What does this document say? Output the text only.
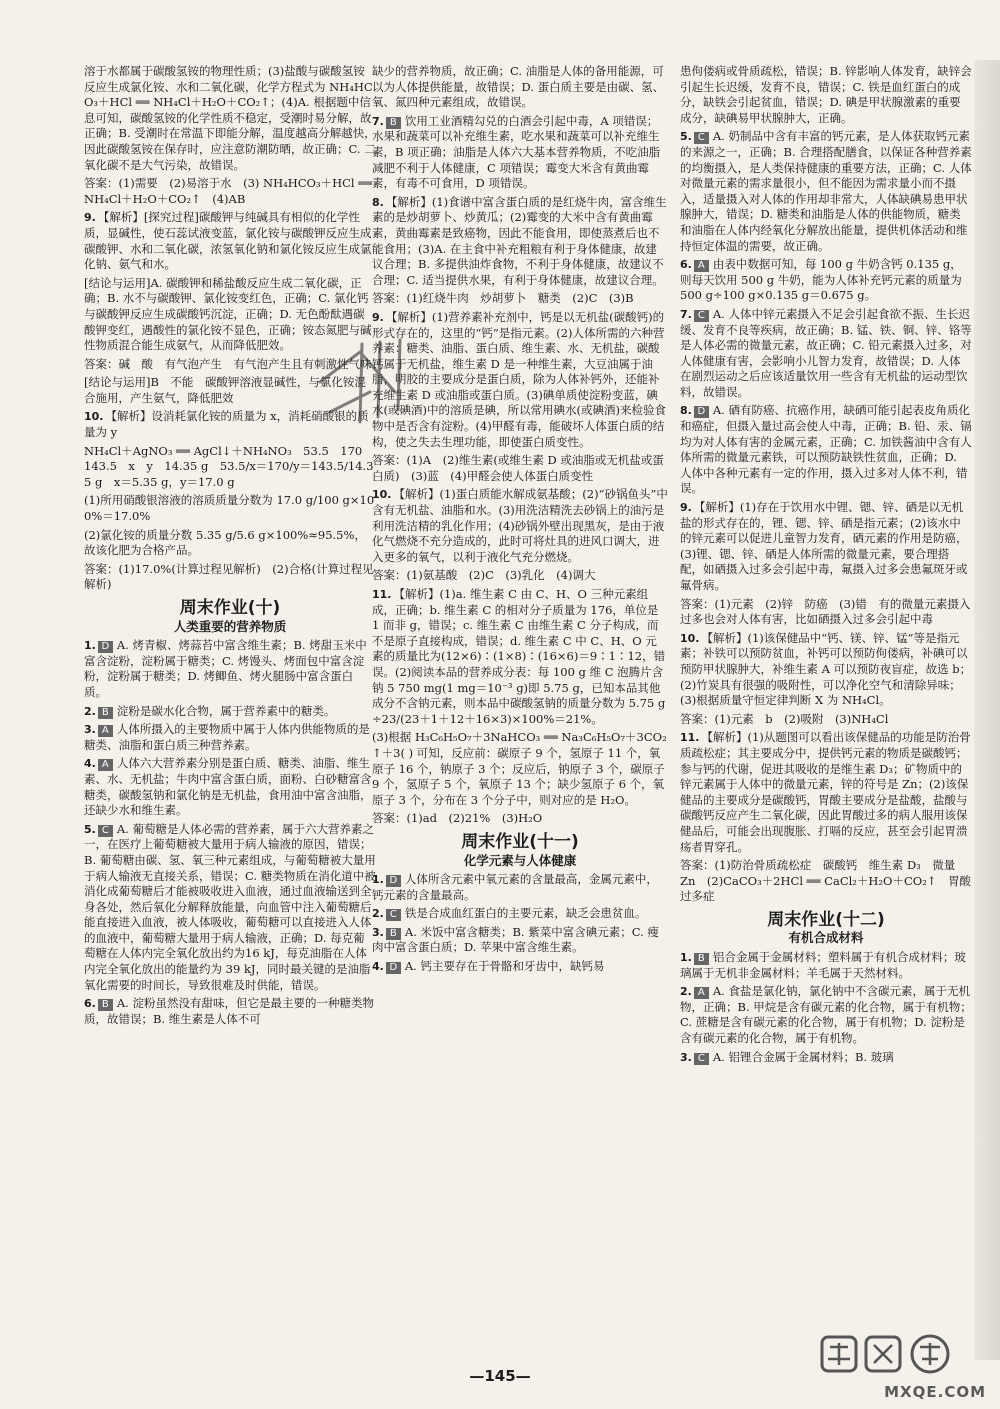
溶于水都属于碳酸氢铵的物理性质；(3)盐酸与碳酸氢铵反应生成氯化铵、水和二氧化碳，化学方程式为 NH₄HCO₃＋HCl ══ NH₄Cl＋H₂O＋CO₂↑；(4)A. 根据题中信息可知，碳酸氢铵的化学性质不稳定，受潮时易分解，故正确；B. 受潮时在常温下即能分解，温度越高分解越快，因此碳酸氢铵在保存时，应注意防潮防晒，故正确；C. 二氧化碳不是大气污染，故错误。
答案：(1)需要　(2)易溶于水　(3) NH₄HCO₃＋HCl ══ NH₄Cl＋H₂O＋CO₂↑　(4)AB
9. 【解析】[探究过程]碳酸钾与纯碱具有相似的化学性质，显碱性，使石蕊试液变蓝，氯化铵与碳酸钾反应生成碳酸钾、水和二氧化碳，浓氢氧化钠和氯化铵反应生成氯化钠、氨气和水。
[结论与运用]A. 碳酸钾和稀盐酸反应生成二氧化碳，正确；B. 水不与碳酸钾、氯化铵变红色，正确；C. 氯化钙与碳酸钾反应生成碳酸钙沉淀，正确；D. 无色酚酞遇碳酸钾变红，遇酸性的氯化铵不显色，正确；铵态氮肥与碱性物质混合能生成氨气，从而降低肥效。
答案：碱　酸　有气泡产生　有气泡产生且有刺激性气味
[结论与运用]B　不能　碳酸钾溶液显碱性，与氯化铵混合施用，产生氨气，降低肥效
10. 【解析】设消耗氯化铵的质量为 x，消耗硝酸银的质量为 y
NH₄Cl＋AgNO₃ ══ AgCl↓＋NH₄NO₃　53.5　170　143.5　x　y　14.35 g　53.5/x＝170/y＝143.5/14.35 g　x＝5.35 g，y＝17.0 g
(1)所用硝酸银溶液的溶质质量分数为 17.0 g/100 g×100%＝17.0%
(2)氯化铵的质量分数 5.35 g/5.6 g×100%≈95.5%，故该化肥为合格产品。
答案：(1)17.0%(计算过程见解析)　(2)合格(计算过程见解析)
周末作业(十)
人类重要的营养物质
1. D A. 烤青椒、烤蒜苔中富含维生素；B. 烤甜玉米中富含淀粉，淀粉属于糖类；C. 烤馒头、烤面包中富含淀粉，淀粉属于糖类；D. 烤鲫鱼、烤火腿肠中富含蛋白质。
2. B 淀粉是碳水化合物，属于营养素中的糖类。
3. A 人体所摄入的主要物质中属于人体内供能物质的是糖类、油脂和蛋白质三种营养素。
4. A 人体六大营养素分别是蛋白质、糖类、油脂、维生素、水、无机盐；牛肉中富含蛋白质，面粉、白砂糖富含糖类，碳酸氢钠和氯化钠是无机盐，食用油中富含油脂，还缺少水和维生素。
5. C A. 葡萄糖是人体必需的营养素，属于六大营养素之一，在医疗上葡萄糖被大量用于病人输液的原因，错误；B. 葡萄糖由碳、氢、氧三种元素组成，与葡萄糖被大量用于病人输液无直接关系，错误；C. 糖类物质在消化道中被消化成葡萄糖后才能被吸收进入血液，通过血液输送到全身各处，然后氧化分解释放能量，向血管中注入葡萄糖后能直接进入血液，被人体吸收，葡萄糖可以直接进入人体的血液中，葡萄糖大量用于病人输液，正确；D. 每克葡萄糖在人体内完全氧化放出约为16 kJ，每克油脂在人体内完全氧化放出的能量约为 39 kJ，同时最关键的是油脂氧化需要的时间长，导致很难及时供能，错误。
6. B A. 淀粉虽然没有甜味，但它是最主要的一种糖类物质，故错误；B. 维生素是人体不可
缺少的营养物质，故正确；C. 油脂是人体的备用能源，可以为人体提供能量，故错误；D. 蛋白质主要是由碳、氢、氧、氮四种元素组成，故错误。
7. B 饮用工业酒精勾兑的白酒会引起中毒，A 项错误；水果和蔬菜可以补充维生素，吃水果和蔬菜可以补充维生素，B 项正确；油脂是人体六大基本营养物质，不吃油脂减肥不利于人体健康，C 项错误；霉变大米含有黄曲霉素，有毒不可食用，D 项错误。
8. 【解析】(1)食谱中富含蛋白质的是红烧牛肉，富含维生素的是炒胡萝卜、炒黄瓜；(2)霉变的大米中含有黄曲霉素，黄曲霉素是致癌物，因此不能食用，即使蒸煮后也不能食用；(3)A. 在主食中补充粗粮有利于身体健康，故建议合理；B. 多提供油炸食物，不利于身体健康，故建议不合理；C. 适当提供水果，有利于身体健康，故建议合理。
答案：(1)红烧牛肉　炒胡萝卜　糖类　(2)C　(3)B
9. 【解析】(1)营养素补充剂中，钙是以无机盐(碳酸钙)的形式存在的，这里的“钙”是指元素。(2)人体所需的六种营养素：糖类、油脂、蛋白质、维生素、水、无机盐，碳酸钙属于无机盐，维生素 D 是一种维生素，大豆油属于油脂，明胶的主要成分是蛋白质，除为人体补钙外，还能补充维生素 D 或油脂或蛋白质。(3)碘单质使淀粉变蓝，碘水(或碘酒)中的溶质是碘，所以常用碘水(或碘酒)来检验食物中是否含有淀粉。(4)甲醛有毒，能破坏人体蛋白质的结构，使之失去生理功能，即使蛋白质变性。
答案：(1)A　(2)维生素(或维生素 D 或油脂或无机盐或蛋白质)　(3)蓝　(4)甲醛会使人体蛋白质变性
10. 【解析】(1)蛋白质能水解成氨基酸；(2)“砂锅鱼头”中含有无机盐、油脂和水。(3)用洗洁精洗去砂锅上的油污是利用洗洁精的乳化作用；(4)砂锅外壁出现黑灰，是由于液化气燃烧不充分造成的，此时可将灶具的进风口调大，进入更多的氧气，以利于液化气充分燃烧。
答案：(1)氨基酸　(2)C　(3)乳化　(4)调大
11. 【解析】(1)a. 维生素 C 由 C、H、O 三种元素组成，正确；b. 维生素 C 的相对分子质量为 176，单位是 1 而非 g，错误；c. 维生素 C 由维生素 C 分子构成，而不是原子直接构成，错误；d. 维生素 C 中 C、H、O 元素的质量比为(12×6)∶(1×8)∶(16×6)＝9∶1∶12，错误。(2)阅读本品的营养成分表：每 100 g 维 C 泡腾片含钠 5 750 mg(1 mg＝10⁻³ g)即 5.75 g，已知本品其他成分不含钠元素，则本品中碳酸氢钠的质量分数为 5.75 g÷23/(23＋1＋12＋16×3)×100%＝21%。
(3)根据 H₃C₆H₅O₇＋3NaHCO₃ ══ Na₃C₆H₅O₇＋3CO₂↑＋3( ) 可知，反应前：碳原子 9 个，氢原子 11 个，氧原子 16 个，钠原子 3 个；反应后，钠原子 3 个，碳原子 9 个，氢原子 5 个，氧原子 13 个；缺少氢原子 6 个，氧原子 3 个，分布在 3 个分子中，则对应的是 H₂O。
答案：(1)ad　(2)21%　(3)H₂O
周末作业(十一)
化学元素与人体健康
1. D 人体所含元素中氧元素的含量最高，金属元素中，钙元素的含量最高。
2. C 铁是合成血红蛋白的主要元素，缺乏会患贫血。
3. B A. 米饭中富含糖类；B. 紫菜中富含碘元素；C. 瘦肉中富含蛋白质；D. 苹果中富含维生素。
4. D A. 钙主要存在于骨骼和牙齿中，缺钙易
患佝偻病或骨质疏松，错误；B. 锌影响人体发育，缺锌会引起生长迟缓，发育不良，错误；C. 铁是血红蛋白的成分，缺铁会引起贫血，错误；D. 碘是甲状腺激素的重要成分，缺碘易甲状腺肿大，正确。
5. C A. 奶制品中含有丰富的钙元素，是人体获取钙元素的来源之一，正确；B. 合理搭配膳食，以保证各种营养素的均衡摄入，是人类保持健康的重要方法，正确；C. 人体对微量元素的需求量很小，但不能因为需求量小而不摄入，适量摄入对人体的作用却非常大，人体缺碘易患甲状腺肿大，错误；D. 糖类和油脂是人体的供能物质，糖类和油脂在人体内经氧化分解放出能量，提供机体活动和维持恒定体温的需要，故正确。
6. A 由表中数据可知，每 100 g 牛奶含钙 0.135 g，则每天饮用 500 g 牛奶，能为人体补充钙元素的质量为 500 g÷100 g×0.135 g＝0.675 g。
7. C A. 人体中锌元素摄入不足会引起食欲不振、生长迟缓、发育不良等疾病，故正确；B. 锰、铁、铜、锌、铬等是人体必需的微量元素，故正确；C. 铅元素摄入过多，对人体健康有害，会影响小儿智力发育，故错误；D. 人体在剧烈运动之后应该适量饮用一些含有无机盐的运动型饮料，故错误。
8. D A. 硒有防癌、抗癌作用，缺硒可能引起表皮角质化和癌症，但摄入量过高会使人中毒，正确；B. 铅、汞、镉均为对人体有害的金属元素，正确；C. 加铁酱油中含有人体所需的微量元素铁，可以预防缺铁性贫血，正确；D. 人体中各种元素有一定的作用，摄入过多对人体不利，错误。
9. 【解析】(1)存在于饮用水中锂、锶、锌、硒是以无机盐的形式存在的，锂、锶、锌、硒是指元素；(2)该水中的锌元素可以促进儿童智力发育，硒元素的作用是防癌，(3)锂、锶、锌、硒是人体所需的微量元素，要合理搭配，如硒摄入过多会引起中毒，氟摄入过多会患氟斑牙或氟骨病。
答案：(1)元素　(2)锌　防癌　(3)错　有的微量元素摄入过多也会对人体有害，比如硒摄入过多会引起中毒
10. 【解析】(1)该保健品中“钙、镁、锌、锰”等是指元素；补铁可以预防贫血，补钙可以预防佝偻病，补碘可以预防甲状腺肿大，补维生素 A 可以预防夜盲症，故选 b；(2)竹炭具有很强的吸附性，可以净化空气和清除异味；(3)根据质量守恒定律判断 X 为 NH₄Cl。
答案：(1)元素　b　(2)吸附　(3)NH₄Cl
11. 【解析】(1)从题图可以看出该保健品的功能是防治骨质疏松症；其主要成分中，提供钙元素的物质是碳酸钙；参与钙的代谢，促进其吸收的是维生素 D₃；矿物质中的锌元素属于人体中的微量元素，锌的符号是 Zn；(2)该保健品的主要成分是碳酸钙，胃酸主要成分是盐酸，盐酸与碳酸钙反应产生二氧化碳，因此胃酸过多的病人服用该保健品后，可能会出现腹胀、打嗝的反应，甚至会引起胃溃疡者胃穿孔。
答案：(1)防治骨质疏松症　碳酸钙　维生素 D₃　微量　Zn　(2)CaCO₃＋2HCl ══ CaCl₂＋H₂O＋CO₂↑　胃酸过多症
周末作业(十二)
有机合成材料
1. B 铝合金属于金属材料；塑料属于有机合成材料；玻璃属于无机非金属材料；羊毛属于天然材料。
2. A A. 食盐是氯化钠，氯化钠中不含碳元素，属于无机物，正确；B. 甲烷是含有碳元素的化合物，属于有机物；C. 蔗糖是含有碳元素的化合物，属于有机物；D. 淀粉是含有碳元素的化合物，属于有机物。
3. C A. 铝锂合金属于金属材料；B. 玻璃
—145—
MXQE.COM
